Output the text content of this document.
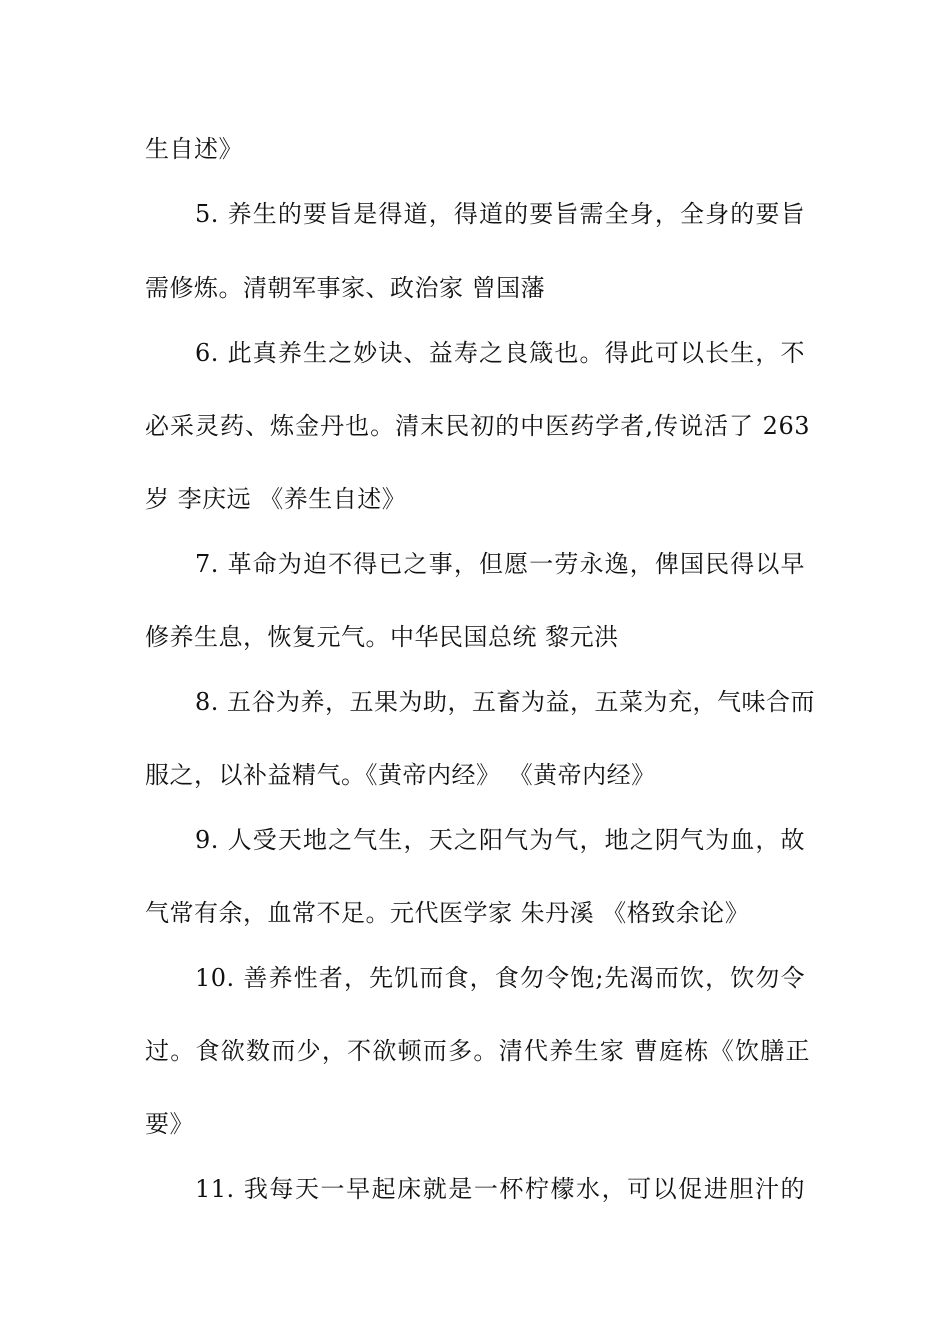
生自述》
5. 养生的要旨是得道，得道的要旨需全身，全身的要旨
需修炼。清朝军事家、政治家 曾国藩
6. 此真养生之妙诀、益寿之良箴也。得此可以长生，不
必采灵药、炼金丹也。清末民初的中医药学者,传说活了 263
岁 李庆远 《养生自述》
7. 革命为迫不得已之事，但愿一劳永逸，俾国民得以早
修养生息，恢复元气。中华民国总统 黎元洪
8. 五谷为养，五果为助，五畜为益，五菜为充，气味合而
服之，以补益精气。《黄帝内经》 《黄帝内经》
9. 人受天地之气生，天之阳气为气，地之阴气为血，故
气常有余，血常不足。元代医学家 朱丹溪 《格致余论》
10. 善养性者，先饥而食，食勿令饱;先渴而饮，饮勿令
过。食欲数而少，不欲顿而多。清代养生家 曹庭栋《饮膳正
要》
11. 我每天一早起床就是一杯柠檬水，可以促进胆汁的
